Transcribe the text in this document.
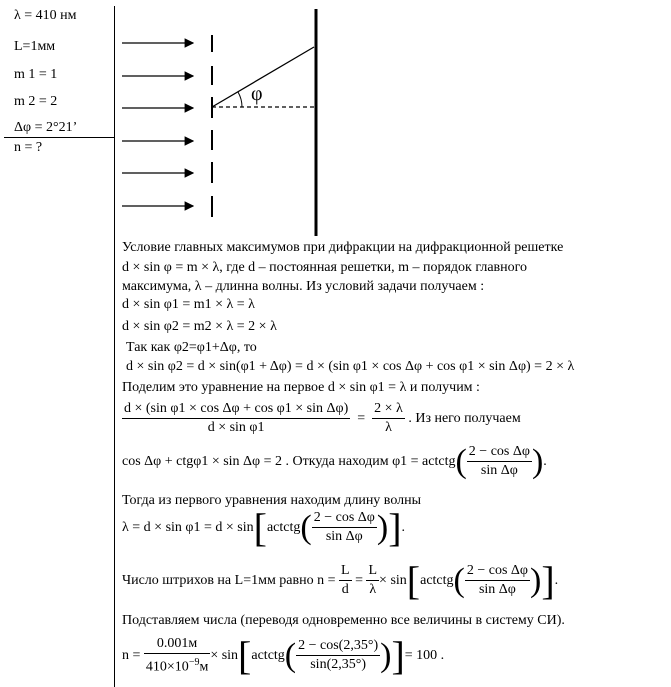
λ = 410 нм
L=1мм
m 1 = 1
m 2 = 2
Δφ = 2°21’
n = ?
φ
Условие главных максимумов при дифракции на дифракционной решетке
d × sin φ = m × λ, где d – постоянная решетки, m – порядок главного
максимума, λ – длинна волны. Из условий задачи получаем :
d × sin φ1 = m1 × λ = λ
d × sin φ2 = m2 × λ = 2 × λ
Так как φ2=φ1+Δφ, то
d × sin φ2 = d × sin(φ1 + Δφ) = d × (sin φ1 × cos Δφ + cos φ1 × sin Δφ) = 2 × λ
Поделим это уравнение на первое d × sin φ1 = λ и получим :
$\frac{\text{d × (sin φ1 × cos Δφ + cos φ1 × sin Δφ)}}{\text{d × sin φ1}} = \frac{2 \times \lambda}{\lambda}$ . Из него получаем
cos Δφ + ctgφ1 × sin Δφ = 2 . Откуда находим φ1 = actctg( $\frac{\text{2 − cos Δφ}}{\text{sin Δφ}}$ ).
Тогда из первого уравнения находим длину волны
λ = d × sin φ1 = d × sin[actctg( $\frac{\text{2 − cos Δφ}}{\text{sin Δφ}}$ )].
Число штрихов на L=1мм равно $n = \frac{L}{d} = \frac{L}{\lambda}$ × sin[actctg( $\frac{\text{2 − cos Δφ}}{\text{sin Δφ}}$ )].
Подставляем числа (переводя одновременно все величины в систему СИ).
$n = \frac{0.001м}{410\times 10^{-9}м}$ × sin[actctg( $\frac{2 - \cos(2,35^\circ)}{\sin(2,35^\circ)}$ )]= 100 .
